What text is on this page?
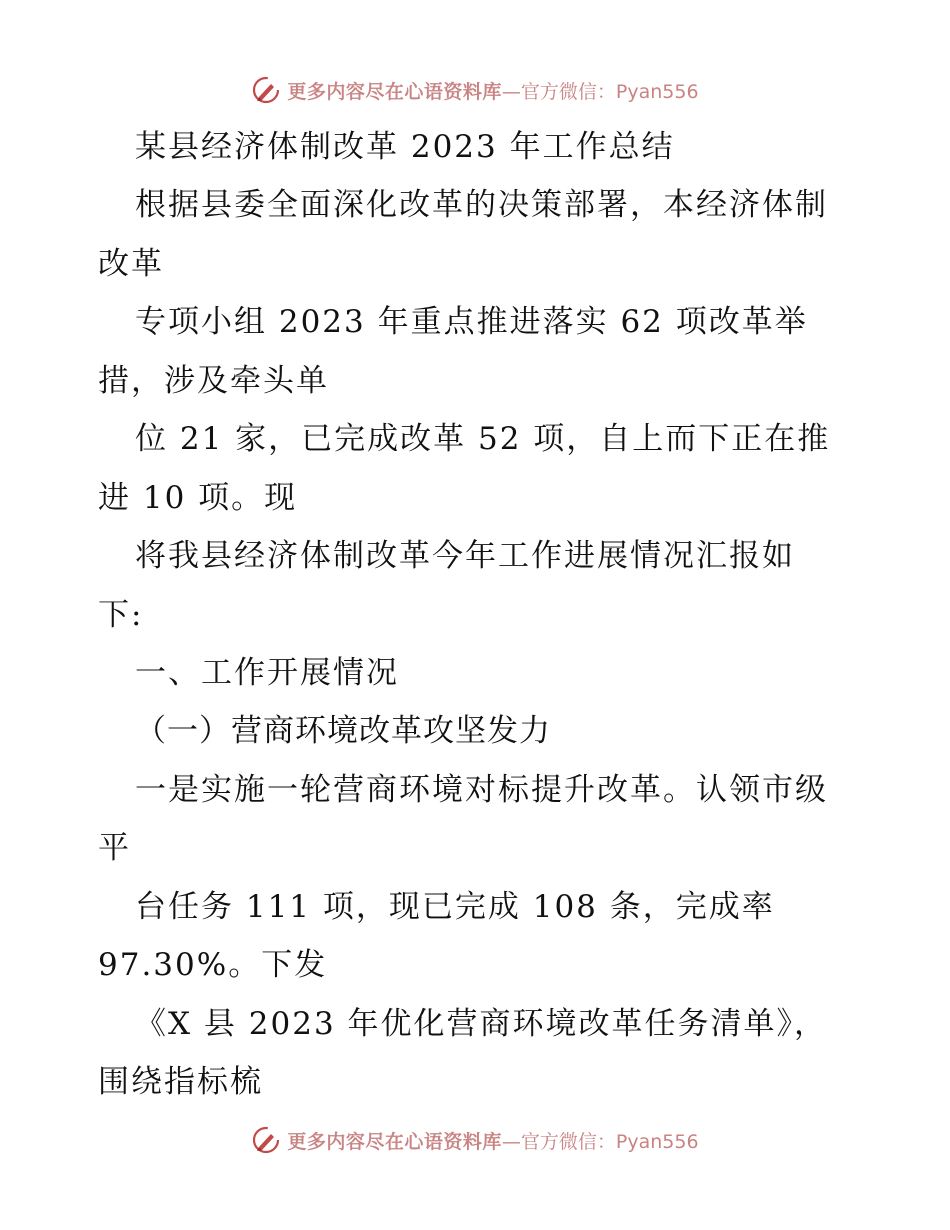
更多内容尽在心语资料库 —官方微信：Pyan556
某县经济体制改革 2023 年工作总结
根据县委全面深化改革的决策部署，本经济体制
改革
专项小组 2023 年重点推进落实 62 项改革举
措，涉及牵头单
位 21 家，已完成改革 52 项，自上而下正在推
进 10 项。现
将我县经济体制改革今年工作进展情况汇报如
下:
一、工作开展情况
（一）营商环境改革攻坚发力
一是实施一轮营商环境对标提升改革。认领市级
平
台任务 111 项，现已完成 108 条，完成率
97.30%。下发
《X 县 2023 年优化营商环境改革任务清单》，
围绕指标梳
更多内容尽在心语资料库 —官方微信：Pyan556
